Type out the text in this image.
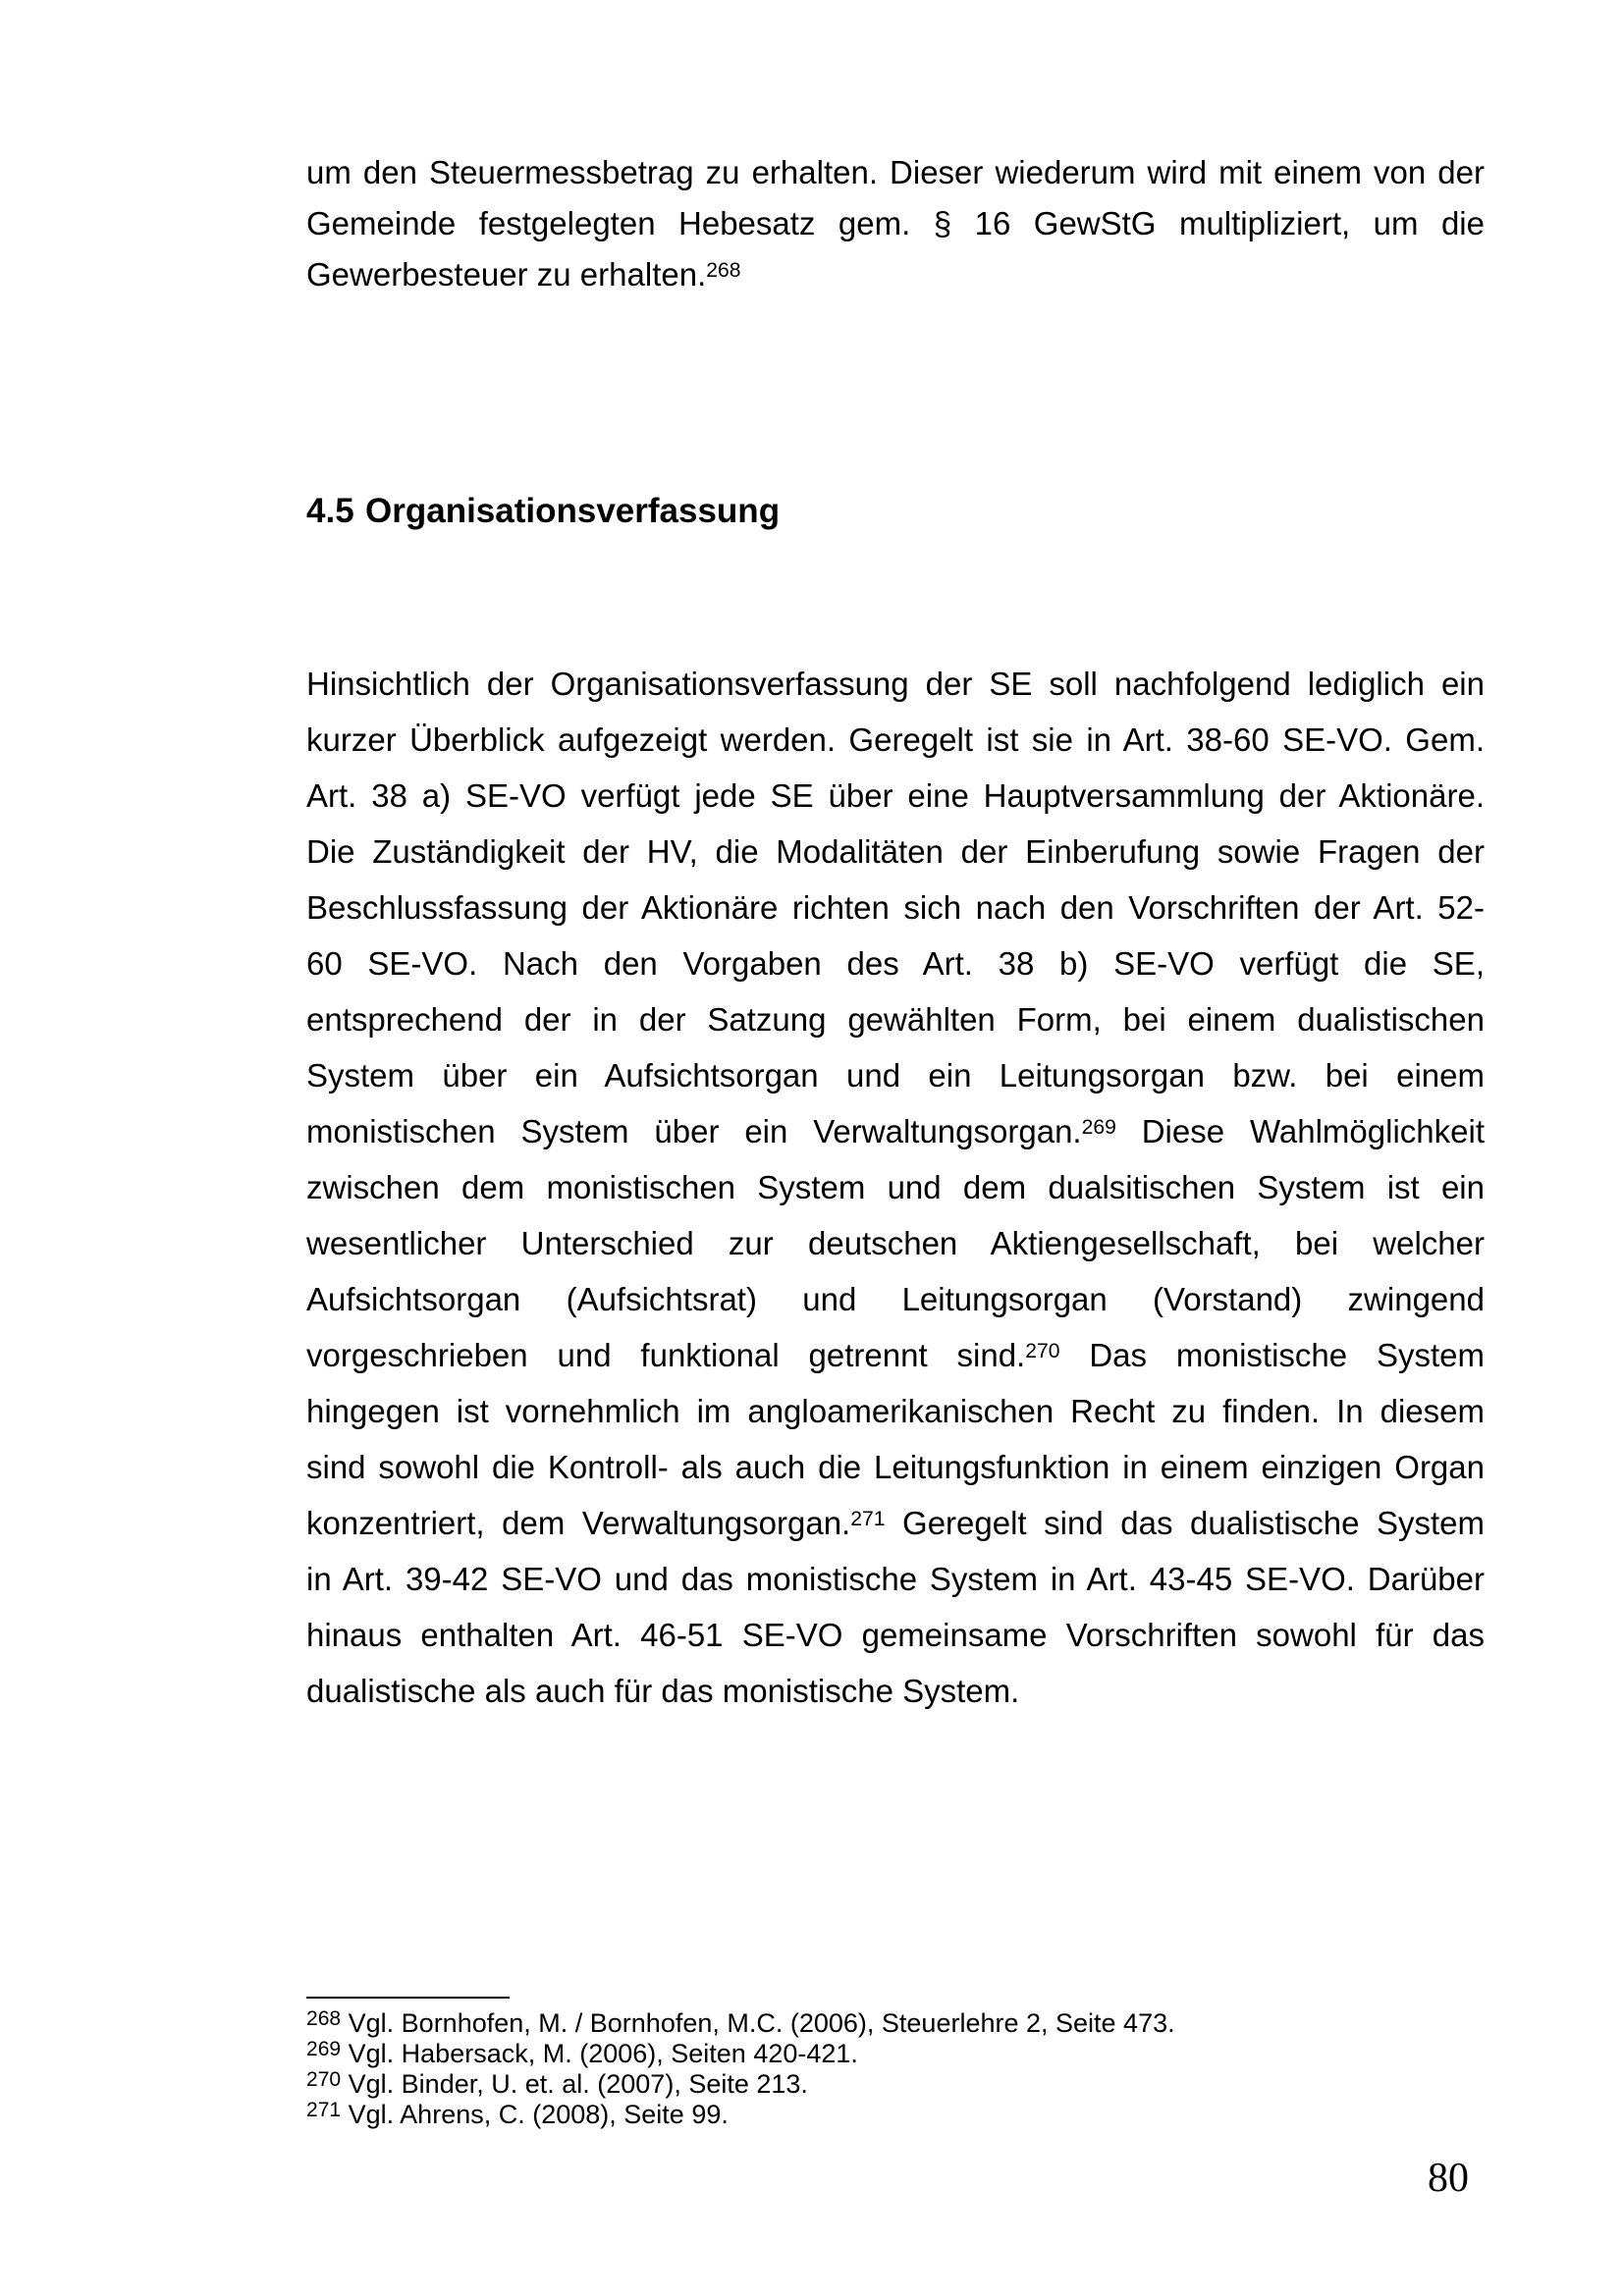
um den Steuermessbetrag zu erhalten. Dieser wiederum wird mit einem von der
Gemeinde festgelegten Hebesatz gem. § 16 GewStG multipliziert, um die
Gewerbesteuer zu erhalten.$^{268}$
4.5 Organisationsverfassung
Hinsichtlich der Organisationsverfassung der SE soll nachfolgend lediglich ein
kurzer Überblick aufgezeigt werden. Geregelt ist sie in Art. 38-60 SE-VO. Gem.
Art. 38 a) SE-VO verfügt jede SE über eine Hauptversammlung der Aktionäre.
Die Zuständigkeit der HV, die Modalitäten der Einberufung sowie Fragen der
Beschlussfassung der Aktionäre richten sich nach den Vorschriften der Art. 52-
60 SE-VO. Nach den Vorgaben des Art. 38 b) SE-VO verfügt die SE,
entsprechend der in der Satzung gewählten Form, bei einem dualistischen
System über ein Aufsichtsorgan und ein Leitungsorgan bzw. bei einem
monistischen System über ein Verwaltungsorgan.$^{269}$ Diese Wahlmöglichkeit
zwischen dem monistischen System und dem dualsitischen System ist ein
wesentlicher Unterschied zur deutschen Aktiengesellschaft, bei welcher
Aufsichtsorgan (Aufsichtsrat) und Leitungsorgan (Vorstand) zwingend
vorgeschrieben und funktional getrennt sind.$^{270}$ Das monistische System
hingegen ist vornehmlich im angloamerikanischen Recht zu finden. In diesem
sind sowohl die Kontroll- als auch die Leitungsfunktion in einem einzigen Organ
konzentriert, dem Verwaltungsorgan.$^{271}$ Geregelt sind das dualistische System
in Art. 39-42 SE-VO und das monistische System in Art. 43-45 SE-VO. Darüber
hinaus enthalten Art. 46-51 SE-VO gemeinsame Vorschriften sowohl für das
dualistische als auch für das monistische System.
$^{268}$ Vgl. Bornhofen, M. / Bornhofen, M.C. (2006), Steuerlehre 2, Seite 473.
$^{269}$ Vgl. Habersack, M. (2006), Seiten 420-421.
$^{270}$ Vgl. Binder, U. et. al. (2007), Seite 213.
$^{271}$ Vgl. Ahrens, C. (2008), Seite 99.
80
